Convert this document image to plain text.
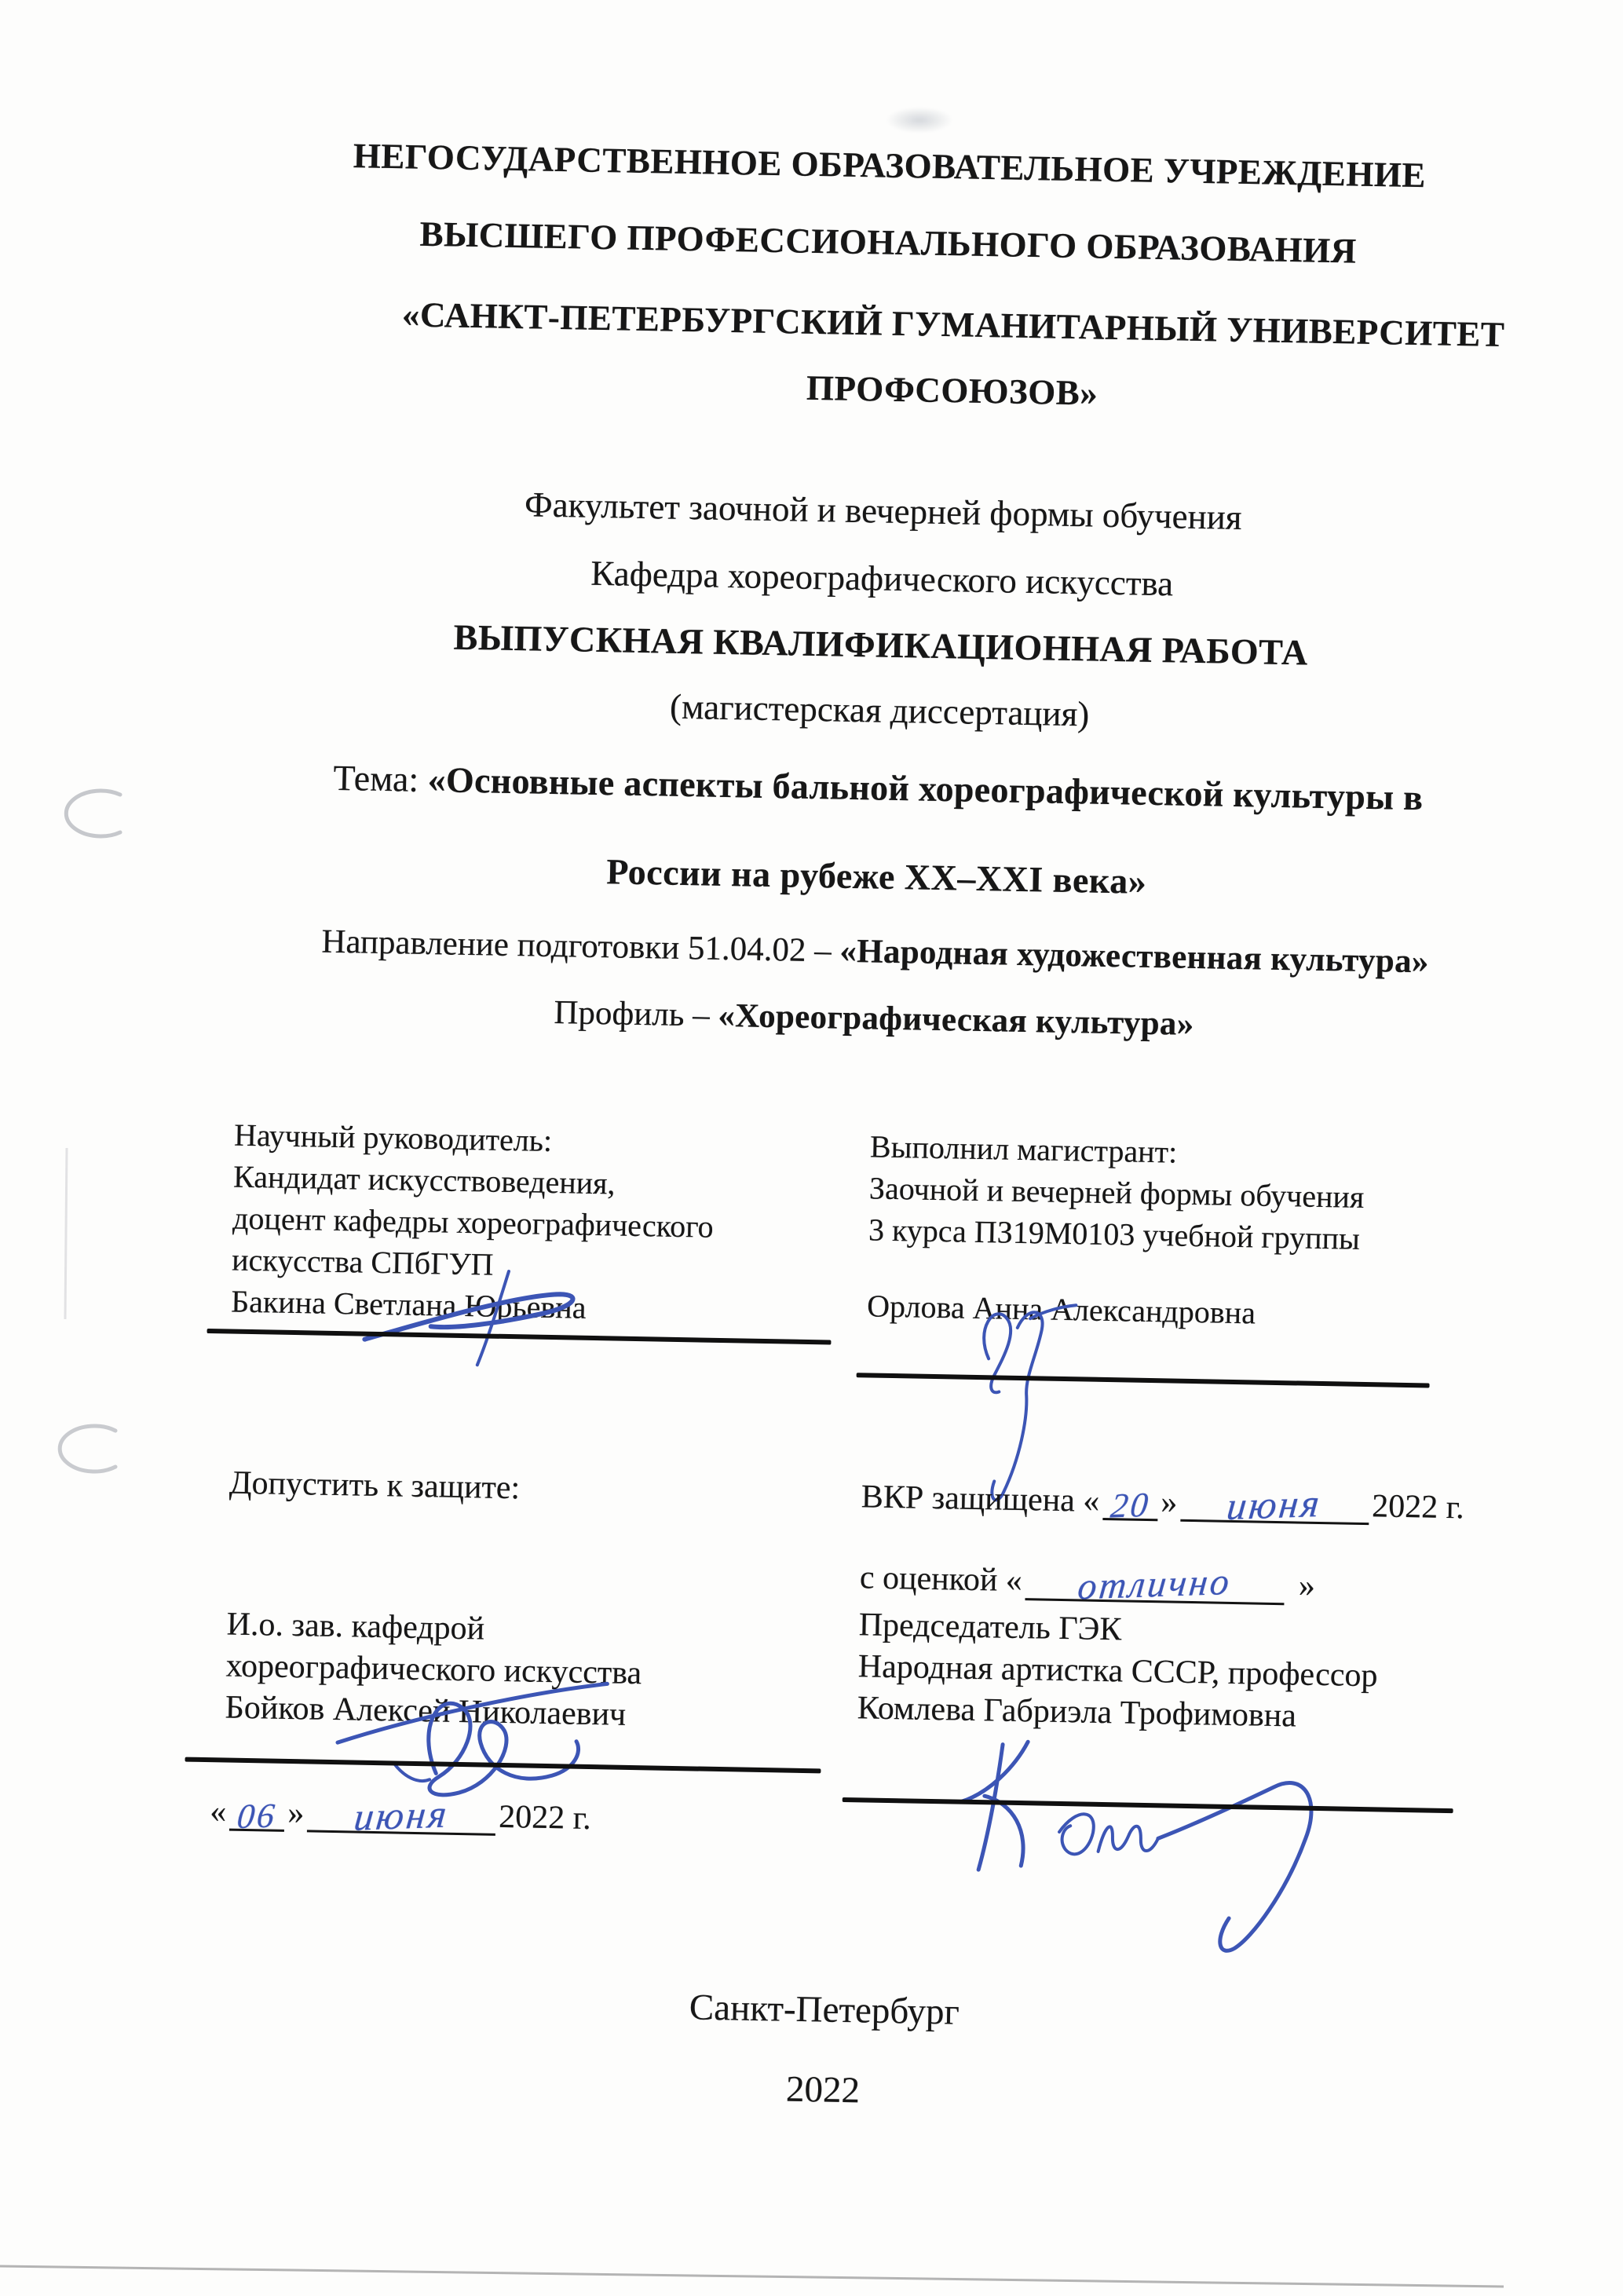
НЕГОСУДАРСТВЕННОЕ ОБРАЗОВАТЕЛЬНОЕ УЧРЕЖДЕНИЕ
ВЫСШЕГО ПРОФЕССИОНАЛЬНОГО ОБРАЗОВАНИЯ
«САНКТ-ПЕТЕРБУРГСКИЙ ГУМАНИТАРНЫЙ УНИВЕРСИТЕТ ПРОФСОЮЗОВ»
Факультет заочной и вечерней формы обучения
Кафедра хореографического искусства
ВЫПУСКНАЯ КВАЛИФИКАЦИОННАЯ РАБОТА
(магистерская диссертация)
Тема: «Основные аспекты бальной хореографической культуры в
России на рубеже XX–XXI века»
Направление подготовки 51.04.02 – «Народная художественная культура»
Профиль – «Хореографическая культура»
Научный руководитель:
Кандидат искусствоведения,
доцент кафедры хореографического
искусства СПбГУП
Бакина Светлана Юрьевна
Выполнил магистрант:
Заочной и вечерней формы обучения
3 курса ПЗ19М0103 учебной группы
Орлова Анна Александровна
Допустить к защите:	ВКР защищена « 20 » июня 2022 г.
с оценкой « отлично »
Председатель ГЭК
Народная артистка СССР, профессор
Комлева Габриэла Трофимовна
И.о. зав. кафедрой
хореографического искусства
Бойков Алексей Николаевич
« 06 » июня 2022 г.
Санкт-Петербург
2022
